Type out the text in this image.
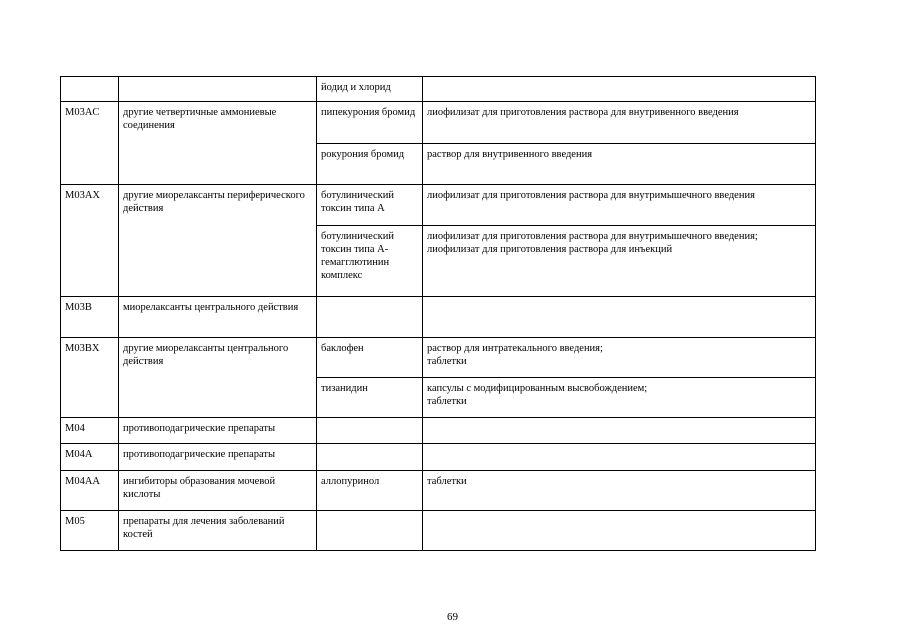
		йодид и хлорид	
M03AC	другие четвертичные аммониевые соединения	пипекурония бромид	лиофилизат для приготовления раствора для внутривенного введения
		рокурония бромид	раствор для внутривенного введения
M03AX	другие миорелаксанты периферического действия	ботулинический токсин типа A	лиофилизат для приготовления раствора для внутримышечного введения
		ботулинический токсин типа A-гемагглютинин комплекс	лиофилизат для приготовления раствора для внутримышечного введения;
лиофилизат для приготовления раствора для инъекций

M03B	миорелаксанты центрального действия		
M03BX	другие миорелаксанты центрального действия	баклофен	раствор для интратекального введения;
таблетки

		тизанидин	капсулы с модифицированным высвобождением;
таблетки

M04	противоподагрические препараты		
M04A	противоподагрические препараты		
M04AA	ингибиторы образования мочевой кислоты	аллопуринол	таблетки
M05	препараты для лечения заболеваний костей		
69
